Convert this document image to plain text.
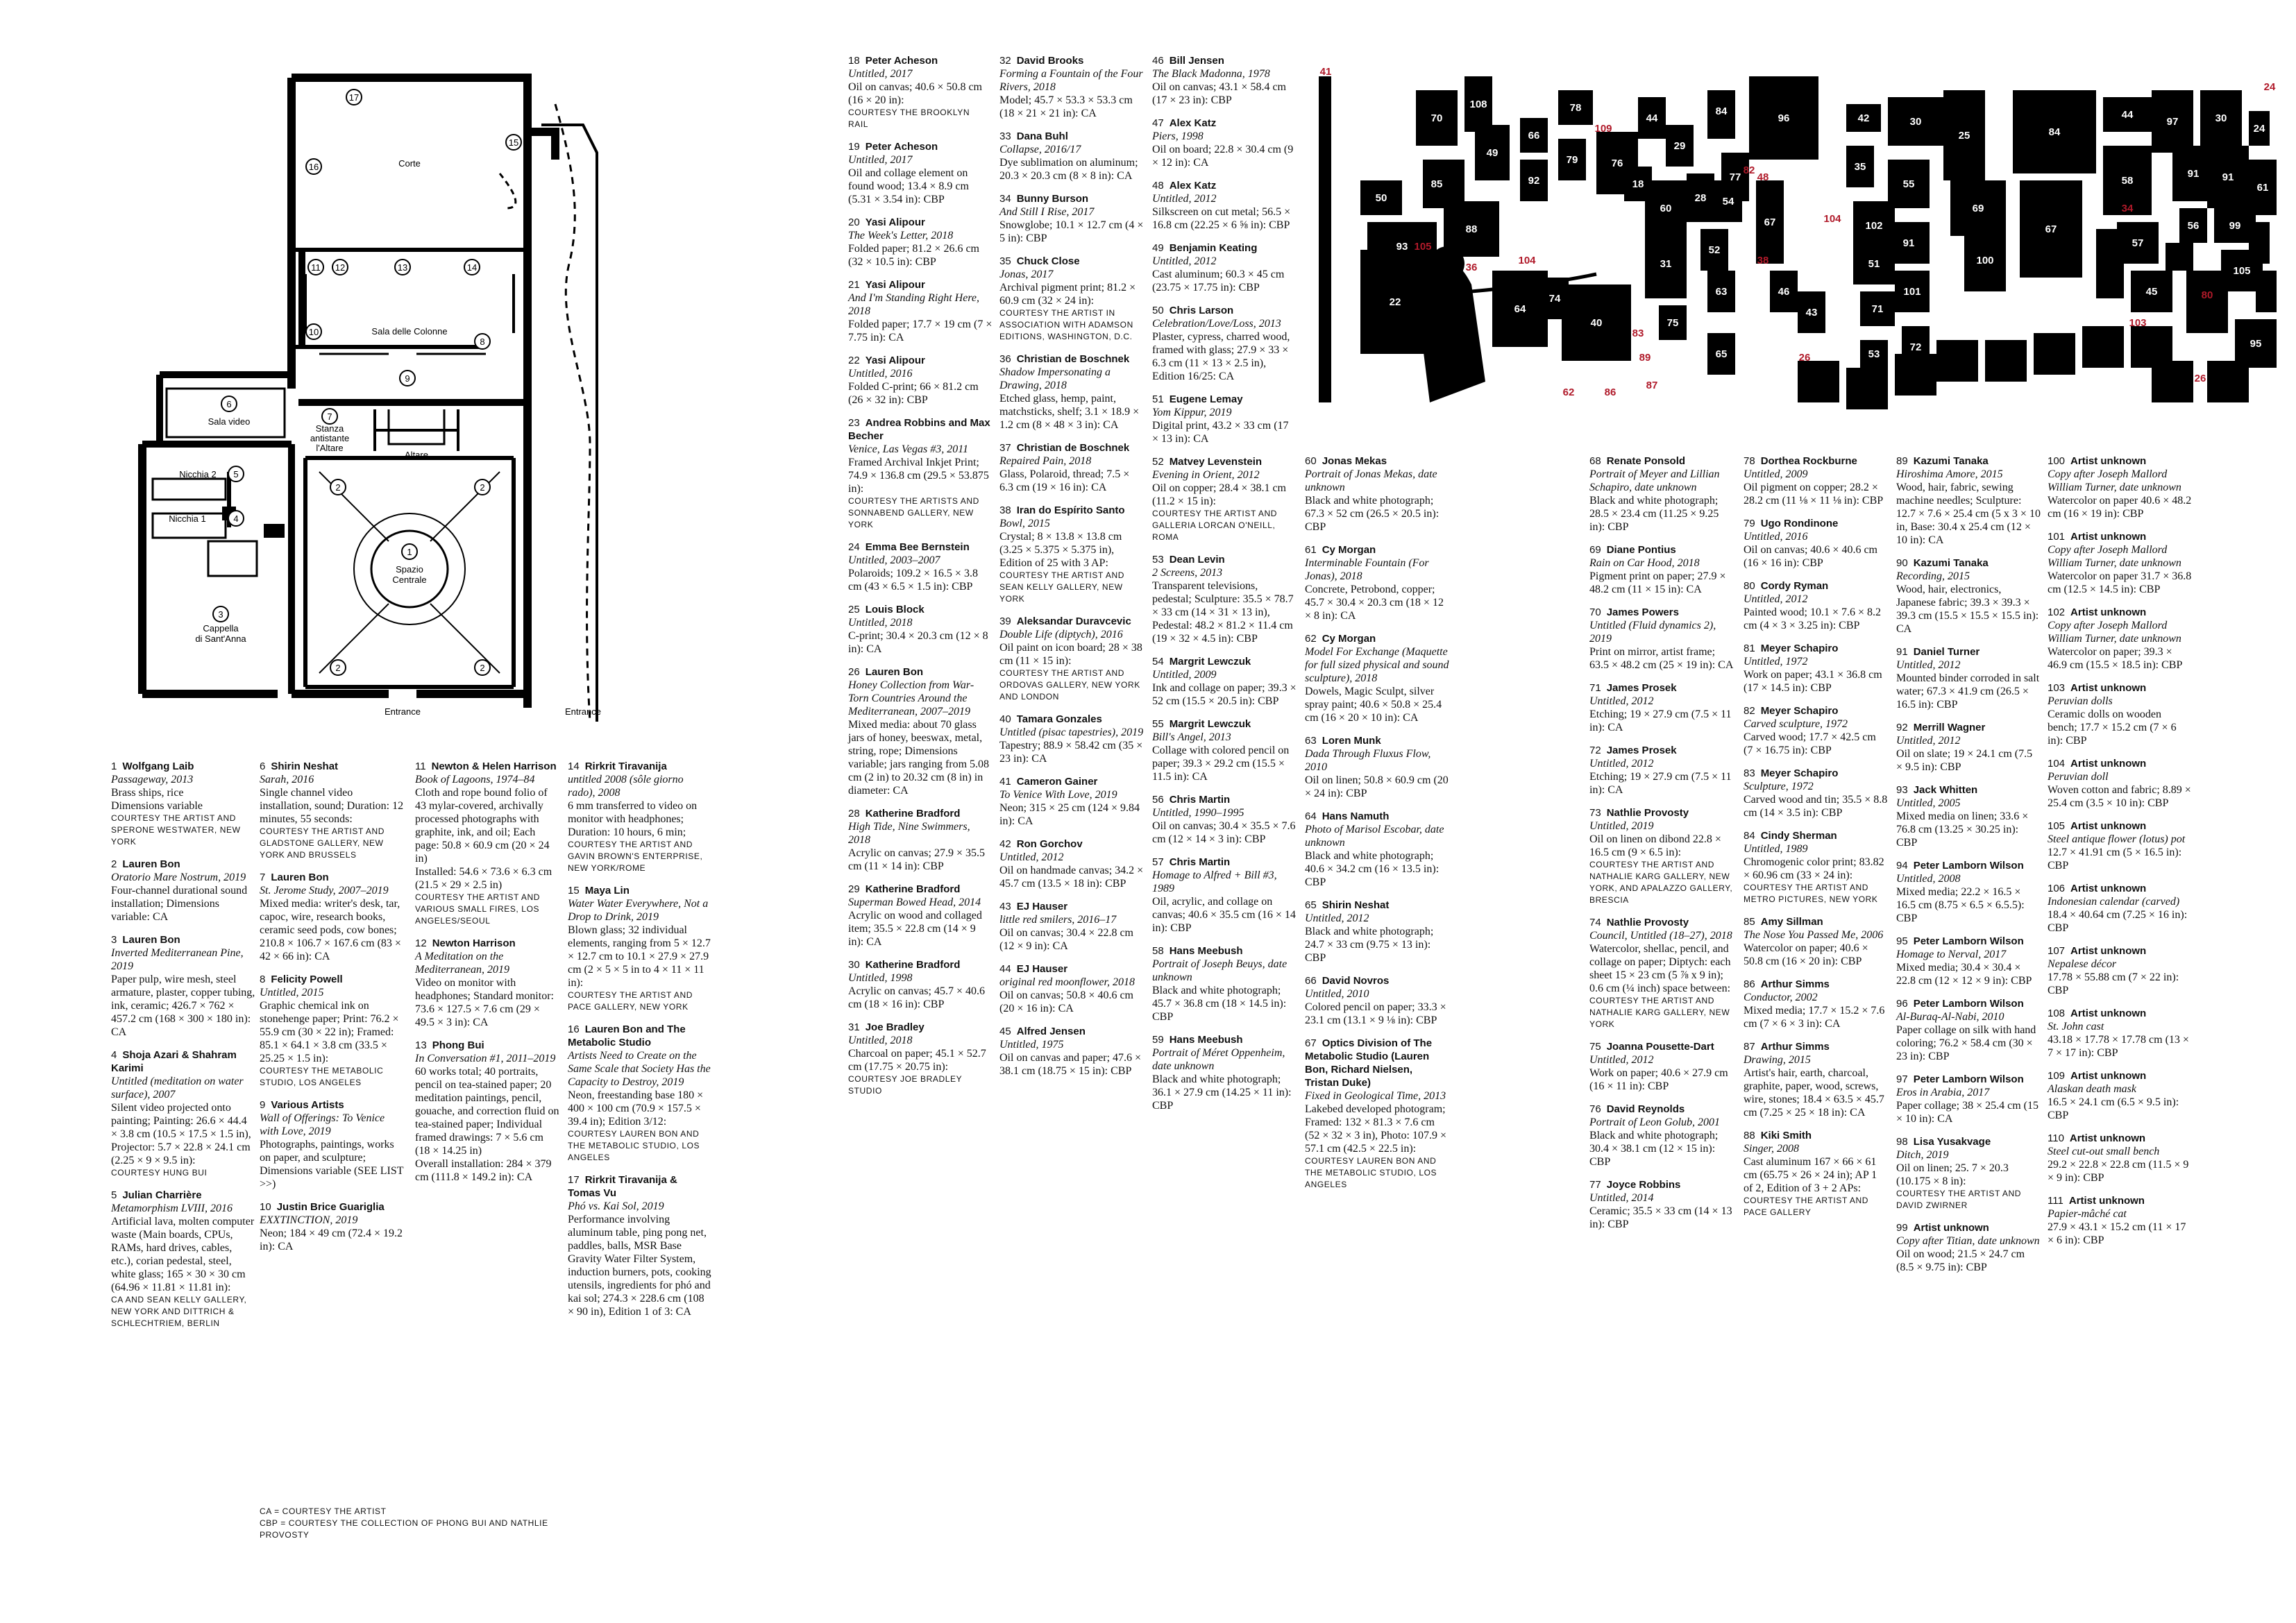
17
15
16
11 12	13	14
10
8
9
6
7
5
4
2	2
2	2
1
3
Corte
Sala delle Colonne
Sala video
Stanza
antistante
l'Altare
Altare
Nicchia 2
Nicchia 1
Spazio
Centrale
Cappella
di Sant'Anna
Entrance	Entrance
70
108
85
88
49
66
92
78
79	76
44
29
60
28 54
18
50
93
22
64
74
40
31
75
84
77
52
63
65
96
67
46
43
42
35
102
51
71
53
30
55
91
101
72
25
69
100
84
67
44
58
57
45
97
91
56
30
91
99
105
24
61
95
41
34
82
48
38
104
89	26
26
103
80
24
105
36
104
109
86
87
83
62
1 Wolfgang Laib
Passageway, 2013
Brass ships, rice
Dimensions variable
COURTESY THE ARTIST AND SPERONE WESTWATER, NEW YORK
2 Lauren Bon
Oratorio Mare Nostrum, 2019
Four-channel durational sound installation; Dimensions variable: CA
3 Lauren Bon
Inverted Mediterranean Pine, 2019
Paper pulp, wire mesh, steel armature, plaster, copper tubing, ink, ceramic; 426.7 × 762 × 457.2 cm (168 × 300 × 180 in): CA
4 Shoja Azari & Shahram Karimi
Untitled (meditation on water surface), 2007
Silent video projected onto painting; Painting: 26.6 × 44.4 × 3.8 cm (10.5 × 17.5 × 1.5 in), Projector: 5.7 × 22.8 × 24.1 cm (2.25 × 9 × 9.5 in):
COURTESY HUNG BUI
5 Julian Charrière
Metamorphism LVIII, 2016
Artificial lava, molten computer waste (Main boards, CPUs, RAMs, hard drives, cables, etc.), corian pedestal, steel, white glass; 165 × 30 × 30 cm (64.96 × 11.81 × 11.81 in):
CA AND SEAN KELLY GALLERY, NEW YORK AND DITTRICH & SCHLECHTRIEM, BERLIN
6 Shirin Neshat
Sarah, 2016
Single channel video installation, sound; Duration: 12 minutes, 55 seconds:
COURTESY THE ARTIST AND GLADSTONE GALLERY, NEW YORK AND BRUSSELS
7 Lauren Bon
St. Jerome Study, 2007–2019
Mixed media: writer's desk, tar, capoc, wire, research books, ceramic seed pods, cow bones; 210.8 × 106.7 × 167.6 cm (83 × 42 × 66 in): CA
8 Felicity Powell
Untitled, 2015
Graphic chemical ink on stonehenge paper; Print: 76.2 × 55.9 cm (30 × 22 in); Framed: 85.1 × 64.1 × 3.8 cm (33.5 × 25.25 × 1.5 in):
COURTESY THE METABOLIC STUDIO, LOS ANGELES
9 Various Artists
Wall of Offerings: To Venice with Love, 2019
Photographs, paintings, works on paper, and sculpture; Dimensions variable (SEE LIST >>)
10 Justin Brice Guariglia
EXXTINCTION, 2019
Neon; 184 × 49 cm (72.4 × 19.2 in): CA
11 Newton & Helen Harrison
Book of Lagoons, 1974–84
Cloth and rope bound folio of 43 mylar-covered, archivally processed photographs with graphite, ink, and oil; Each page: 50.8 × 60.9 cm (20 × 24 in)
Installed: 54.6 × 73.6 × 6.3 cm (21.5 × 29 × 2.5 in)
COURTESY THE ARTIST AND VARIOUS SMALL FIRES, LOS ANGELES/SEOUL
12 Newton Harrison
A Meditation on the Mediterranean, 2019
Video on monitor with headphones; Standard monitor: 73.6 × 127.5 × 7.6 cm (29 × 49.5 × 3 in): CA
13 Phong Bui
In Conversation #1, 2011–2019
60 works total; 40 portraits, pencil on tea-stained paper; 20 meditation paintings, pencil, gouache, and correction fluid on tea-stained paper; Individual framed drawings: 7 × 5.6 cm (18 × 14.25 in)
Overall installation: 284 × 379 cm (111.8 × 149.2 in): CA
14 Rirkrit Tiravanija
untitled 2008 (sôle giorno rado), 2008
6 mm transferred to video on monitor with headphones; Duration: 10 hours, 6 min;
COURTESY THE ARTIST AND GAVIN BROWN'S ENTERPRISE, NEW YORK/ROME
15 Maya Lin
Water Water Everywhere, Not a Drop to Drink, 2019
Blown glass; 32 individual elements, ranging from 5 × 12.7 × 12.7 cm to 10.1 × 27.9 × 27.9 cm (2 × 5 × 5 in to 4 × 11 × 11 in):
COURTESY THE ARTIST AND PACE GALLERY, NEW YORK
16 Lauren Bon and The Metabolic Studio
Artists Need to Create on the Same Scale that Society Has the Capacity to Destroy, 2019
Neon, freestanding base 180 × 400 × 100 cm (70.9 × 157.5 × 39.4 in); Edition 3/12:
COURTESY LAUREN BON AND THE METABOLIC STUDIO, LOS ANGELES
17 Rirkrit Tiravanija & Tomas Vu
Phó vs. Kai Sol, 2019
Performance involving aluminum table, ping pong net, paddles, balls, MSR Base Gravity Water Filter System, induction burners, pots, cooking utensils, ingredients for phó and kai sol; 274.3 × 228.6 cm (108 × 90 in), Edition 1 of 3: CA
18 Peter Acheson
Untitled, 2017
Oil on canvas; 40.6 × 50.8 cm (16 × 20 in):
COURTESY THE BROOKLYN RAIL
19 Peter Acheson
Untitled, 2017
Oil and collage element on found wood; 13.4 × 8.9 cm (5.31 × 3.54 in): CBP
20 Yasi Alipour
The Week's Letter, 2018
Folded paper; 81.2 × 26.6 cm (32 × 10.5 in): CBP
21 Yasi Alipour
And I'm Standing Right Here, 2018
Folded paper; 17.7 × 19 cm (7 × 7.75 in): CA
22 Yasi Alipour
Untitled, 2016
Folded C-print; 66 × 81.2 cm (26 × 32 in): CBP
23 Andrea Robbins and Max Becher
Venice, Las Vegas #3, 2011
Framed Archival Inkjet Print; 74.9 × 136.8 cm (29.5 × 53.875 in):
COURTESY THE ARTISTS AND SONNABEND GALLERY, NEW YORK
24 Emma Bee Bernstein
Untitled, 2003–2007
Polaroids; 109.2 × 16.5 × 3.8 cm (43 × 6.5 × 1.5 in): CBP
25 Louis Block
Untitled, 2018
C-print; 30.4 × 20.3 cm (12 × 8 in): CA
26 Lauren Bon
Honey Collection from War-Torn Countries Around the Mediterranean, 2007–2019
Mixed media: about 70 glass jars of honey, beeswax, metal, string, rope; Dimensions variable; jars ranging from 5.08 cm (2 in) to 20.32 cm (8 in) in diameter: CA
28 Katherine Bradford
High Tide, Nine Swimmers, 2018
Acrylic on canvas; 27.9 × 35.5 cm (11 × 14 in): CBP
29 Katherine Bradford
Superman Bowed Head, 2014
Acrylic on wood and collaged item; 35.5 × 22.8 cm (14 × 9 in): CA
30 Katherine Bradford
Untitled, 1998
Acrylic on canvas; 45.7 × 40.6 cm (18 × 16 in): CBP
31 Joe Bradley
Untitled, 2018
Charcoal on paper; 45.1 × 52.7 cm (17.75 × 20.75 in):
COURTESY JOE BRADLEY STUDIO
32 David Brooks
Forming a Fountain of the Four Rivers, 2018
Model; 45.7 × 53.3 × 53.3 cm (18 × 21 × 21 in): CA
33 Dana Buhl
Collapse, 2016/17
Dye sublimation on aluminum; 20.3 × 20.3 cm (8 × 8 in): CA
34 Bunny Burson
And Still I Rise, 2017
Snowglobe; 10.1 × 12.7 cm (4 × 5 in): CBP
35 Chuck Close
Jonas, 2017
Archival pigment print; 81.2 × 60.9 cm (32 × 24 in):
COURTESY THE ARTIST IN ASSOCIATION WITH ADAMSON EDITIONS, WASHINGTON, D.C.
36 Christian de Boschnek
Shadow Impersonating a Drawing, 2018
Etched glass, hemp, paint, matchsticks, shelf; 3.1 × 18.9 × 1.2 cm (8 × 48 × 3 in): CA
37 Christian de Boschnek
Repaired Pain, 2018
Glass, Polaroid, thread; 7.5 × 6.3 cm (19 × 16 in): CA
38 Iran do Espírito Santo
Bowl, 2015
Crystal; 8 × 13.8 × 13.8 cm (3.25 × 5.375 × 5.375 in), Edition of 25 with 3 AP:
COURTESY THE ARTIST AND SEAN KELLY GALLERY, NEW YORK
39 Aleksandar Duravcevic
Double Life (diptych), 2016
Oil paint on icon board; 28 × 38 cm (11 × 15 in):
COURTESY THE ARTIST AND ORDOVAS GALLERY, NEW YORK AND LONDON
40 Tamara Gonzales
Untitled (pisac tapestries), 2019
Tapestry; 88.9 × 58.42 cm (35 × 23 in): CA
41 Cameron Gainer
To Venice With Love, 2019
Neon; 315 × 25 cm (124 × 9.84 in): CA
42 Ron Gorchov
Untitled, 2012
Oil on handmade canvas; 34.2 × 45.7 cm (13.5 × 18 in): CBP
43 EJ Hauser
little red smilers, 2016–17
Oil on canvas; 30.4 × 22.8 cm (12 × 9 in): CA
44 EJ Hauser
original red moonflower, 2018
Oil on canvas; 50.8 × 40.6 cm (20 × 16 in): CA
45 Alfred Jensen
Untitled, 1975
Oil on canvas and paper; 47.6 × 38.1 cm (18.75 × 15 in): CBP
46 Bill Jensen
The Black Madonna, 1978
Oil on canvas; 43.1 × 58.4 cm (17 × 23 in): CBP
47 Alex Katz
Piers, 1998
Oil on board; 22.8 × 30.4 cm (9 × 12 in): CA
48 Alex Katz
Untitled, 2012
Silkscreen on cut metal; 56.5 × 16.8 cm (22.25 × 6 ⅝ in): CBP
49 Benjamin Keating
Untitled, 2012
Cast aluminum; 60.3 × 45 cm (23.75 × 17.75 in): CBP
50 Chris Larson
Celebration/Love/Loss, 2013
Plaster, cypress, charred wood, framed with glass; 27.9 × 33 × 6.3 cm (11 × 13 × 2.5 in), Edition 16/25: CA
51 Eugene Lemay
Yom Kippur, 2019
Digital print, 43.2 × 33 cm (17 × 13 in): CA
52 Matvey Levenstein
Evening in Orient, 2012
Oil on copper; 28.4 × 38.1 cm (11.2 × 15 in):
COURTESY THE ARTIST AND GALLERIA LORCAN O'NEILL, ROMA
53 Dean Levin
2 Screens, 2013
Transparent televisions, pedestal; Sculpture: 35.5 × 78.7 × 33 cm (14 × 31 × 13 in), Pedestal: 48.2 × 81.2 × 11.4 cm (19 × 32 × 4.5 in): CBP
54 Margrit Lewczuk
Untitled, 2009
Ink and collage on paper; 39.3 × 52 cm (15.5 × 20.5 in): CBP
55 Margrit Lewczuk
Bill's Angel, 2013
Collage with colored pencil on paper; 39.3 × 29.2 cm (15.5 × 11.5 in): CA
56 Chris Martin
Untitled, 1990–1995
Oil on canvas; 30.4 × 35.5 × 7.6 cm (12 × 14 × 3 in): CBP
57 Chris Martin
Homage to Alfred + Bill #3, 1989
Oil, acrylic, and collage on canvas; 40.6 × 35.5 cm (16 × 14 in): CBP
58 Hans Meebush
Portrait of Joseph Beuys, date unknown
Black and white photograph; 45.7 × 36.8 cm (18 × 14.5 in): CBP
59 Hans Meebush
Portrait of Méret Oppenheim, date unknown
Black and white photograph; 36.1 × 27.9 cm (14.25 × 11 in): CBP
60 Jonas Mekas
Portrait of Jonas Mekas, date unknown
Black and white photograph; 67.3 × 52 cm (26.5 × 20.5 in): CBP
61 Cy Morgan
Interminable Fountain (For Jonas), 2018
Concrete, Petrobond, copper; 45.7 × 30.4 × 20.3 cm (18 × 12 × 8 in): CA
62 Cy Morgan
Model For Exchange (Maquette for full sized physical and sound sculpture), 2018
Dowels, Magic Sculpt, silver spray paint; 40.6 × 50.8 × 25.4 cm (16 × 20 × 10 in): CA
63 Loren Munk
Dada Through Fluxus Flow, 2010
Oil on linen; 50.8 × 60.9 cm (20 × 24 in): CBP
64 Hans Namuth
Photo of Marisol Escobar, date unknown
Black and white photograph; 40.6 × 34.2 cm (16 × 13.5 in): CBP
65 Shirin Neshat
Untitled, 2012
Black and white photograph; 24.7 × 33 cm (9.75 × 13 in): CBP
66 David Novros
Untitled, 2010
Colored pencil on paper; 33.3 × 23.1 cm (13.1 × 9 ⅛ in): CBP
67 Optics Division of The Metabolic Studio (Lauren Bon, Richard Nielsen, Tristan Duke)
Fixed in Geological Time, 2013
Lakebed developed photogram; Framed: 132 × 81.3 × 7.6 cm (52 × 32 × 3 in), Photo: 107.9 × 57.1 cm (42.5 × 22.5 in):
COURTESY LAUREN BON AND THE METABOLIC STUDIO, LOS ANGELES
68 Renate Ponsold
Portrait of Meyer and Lillian Schapiro, date unknown
Black and white photograph; 28.5 × 23.4 cm (11.25 × 9.25 in): CBP
69 Diane Pontius
Rain on Car Hood, 2018
Pigment print on paper; 27.9 × 48.2 cm (11 × 15 in): CA
70 James Powers
Untitled (Fluid dynamics 2), 2019
Print on mirror, artist frame; 63.5 × 48.2 cm (25 × 19 in): CA
71 James Prosek
Untitled, 2012
Etching; 19 × 27.9 cm (7.5 × 11 in): CA
72 James Prosek
Untitled, 2012
Etching; 19 × 27.9 cm (7.5 × 11 in): CA
73 Nathlie Provosty
Untitled, 2019
Oil on linen on dibond 22.8 × 16.5 cm (9 × 6.5 in):
COURTESY THE ARTIST AND NATHALIE KARG GALLERY, NEW YORK, AND APALAZZO GALLERY, BRESCIA
74 Nathlie Provosty
Council, Untitled (18–27), 2018
Watercolor, shellac, pencil, and collage on paper; Diptych: each sheet 15 × 23 cm (5 ⅞ x 9 in); 0.6 cm (¼ inch) space between:
COURTESY THE ARTIST AND NATHALIE KARG GALLERY, NEW YORK
75 Joanna Pousette-Dart
Untitled, 2012
Work on paper; 40.6 × 27.9 cm (16 × 11 in): CBP
76 David Reynolds
Portrait of Leon Golub, 2001
Black and white photograph; 30.4 × 38.1 cm (12 × 15 in): CBP
77 Joyce Robbins
Untitled, 2014
Ceramic; 35.5 × 33 cm (14 × 13 in): CBP
78 Dorthea Rockburne
Untitled, 2009
Oil pigment on copper; 28.2 × 28.2 cm (11 ⅛ × 11 ⅛ in): CBP
79 Ugo Rondinone
Untitled, 2016
Oil on canvas; 40.6 × 40.6 cm (16 × 16 in): CBP
80 Cordy Ryman
Untitled, 2012
Painted wood; 10.1 × 7.6 × 8.2 cm (4 × 3 × 3.25 in): CBP
81 Meyer Schapiro
Untitled, 1972
Work on paper; 43.1 × 36.8 cm (17 × 14.5 in): CBP
82 Meyer Schapiro
Carved sculpture, 1972
Carved wood; 17.7 × 42.5 cm (7 × 16.75 in): CBP
83 Meyer Schapiro
Sculpture, 1972
Carved wood and tin; 35.5 × 8.8 cm (14 × 3.5 in): CBP
84 Cindy Sherman
Untitled, 1989
Chromogenic color print; 83.82 × 60.96 cm (33 × 24 in):
COURTESY THE ARTIST AND METRO PICTURES, NEW YORK
85 Amy Sillman
The Nose You Passed Me, 2006
Watercolor on paper; 40.6 × 50.8 cm (16 × 20 in): CBP
86 Arthur Simms
Conductor, 2002
Mixed media; 17.7 × 15.2 × 7.6 cm (7 × 6 × 3 in): CA
87 Arthur Simms
Drawing, 2015
Artist's hair, earth, charcoal, graphite, paper, wood, screws, wire, stones; 18.4 × 63.5 × 45.7 cm (7.25 × 25 × 18 in): CA
88 Kiki Smith
Singer, 2008
Cast aluminum 167 × 66 × 61 cm (65.75 × 26 × 24 in); AP 1 of 2, Edition of 3 + 2 APs:
COURTESY THE ARTIST AND PACE GALLERY
89 Kazumi Tanaka
Hiroshima Amore, 2015
Wood, hair, fabric, sewing machine needles; Sculpture: 12.7 × 7.6 × 25.4 cm (5 x 3 × 10 in, Base: 30.4 x 25.4 cm (12 × 10 in): CA
90 Kazumi Tanaka
Recording, 2015
Wood, hair, electronics, Japanese fabric; 39.3 × 39.3 × 39.3 cm (15.5 × 15.5 × 15.5 in): CA
91 Daniel Turner
Untitled, 2012
Mounted binder corroded in salt water; 67.3 × 41.9 cm (26.5 × 16.5 in): CBP
92 Merrill Wagner
Untitled, 2012
Oil on slate; 19 × 24.1 cm (7.5 × 9.5 in): CBP
93 Jack Whitten
Untitled, 2005
Mixed media on linen; 33.6 × 76.8 cm (13.25 × 30.25 in): CBP
94 Peter Lamborn Wilson
Untitled, 2008
Mixed media; 22.2 × 16.5 × 16.5 cm (8.75 × 6.5 × 6.5.5): CBP
95 Peter Lamborn Wilson
Homage to Nerval, 2017
Mixed media; 30.4 × 30.4 × 22.8 cm (12 × 12 × 9 in): CBP
96 Peter Lamborn Wilson
Al-Buraq-Al-Nabi, 2010
Paper collage on silk with hand coloring; 76.2 × 58.4 cm (30 × 23 in): CBP
97 Peter Lamborn Wilson
Eros in Arabia, 2017
Paper collage; 38 × 25.4 cm (15 × 10 in): CA
98 Lisa Yusakvage
Ditch, 2019
Oil on linen; 25. 7 × 20.3 (10.175 × 8 in):
COURTESY THE ARTIST AND DAVID ZWIRNER
99 Artist unknown
Copy after Titian, date unknown
Oil on wood; 21.5 × 24.7 cm (8.5 × 9.75 in): CBP
100 Artist unknown
Copy after Joseph Mallord William Turner, date unknown
Watercolor on paper 40.6 × 48.2 cm (16 × 19 in): CBP
101 Artist unknown
Copy after Joseph Mallord William Turner, date unknown
Watercolor on paper 31.7 × 36.8 cm (12.5 × 14.5 in): CBP
102 Artist unknown
Copy after Joseph Mallord William Turner, date unknown
Watercolor on paper; 39.3 × 46.9 cm (15.5 × 18.5 in): CBP
103 Artist unknown
Peruvian dolls
Ceramic dolls on wooden bench; 17.7 × 15.2 cm (7 × 6 in): CBP
104 Artist unknown
Peruvian doll
Woven cotton and fabric; 8.89 × 25.4 cm (3.5 × 10 in): CBP
105 Artist unknown
Steel antique flower (lotus) pot
12.7 × 41.91 cm (5 × 16.5 in): CBP
106 Artist unknown
Indonesian calendar (carved)
18.4 × 40.64 cm (7.25 × 16 in): CBP
107 Artist unknown
Nepalese décor
17.78 × 55.88 cm (7 × 22 in): CBP
108 Artist unknown
St. John cast
43.18 × 17.78 × 17.78 cm (13 × 7 × 17 in): CBP
109 Artist unknown
Alaskan death mask
16.5 × 24.1 cm (6.5 × 9.5 in): CBP
110 Artist unknown
Steel cut-out small bench
29.2 × 22.8 × 22.8 cm (11.5 × 9 × 9 in): CBP
111 Artist unknown
Papier-mâché cat
27.9 × 43.1 × 15.2 cm (11 × 17 × 6 in): CBP
CA = COURTESY THE ARTIST
CBP = COURTESY THE COLLECTION OF PHONG BUI AND NATHLIE PROVOSTY
